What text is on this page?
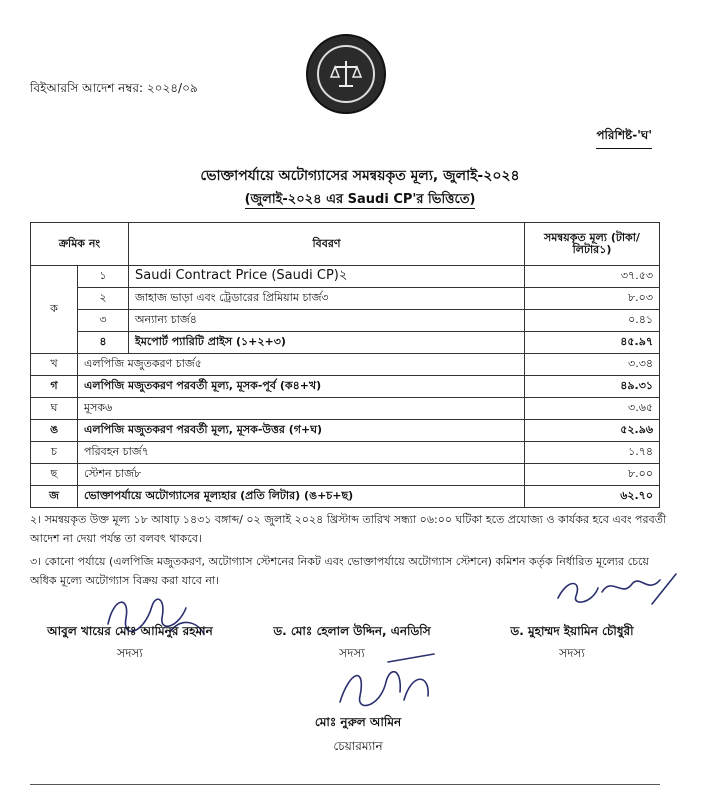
বিইআরসি আদেশ নম্বর: ২০২৪/০৯
পরিশিষ্ট-'ঘ'
ভোক্তাপর্যায়ে অটোগ্যাসের সমন্বয়কৃত মূল্য, জুলাই-২০২৪
(জুলাই-২০২৪ এর Saudi CP'র ভিত্তিতে)
ক্রমিক নং		বিবরণ	সমন্বয়কৃত মূল্য (টাকা/লিটার১)
ক	১	Saudi Contract Price (Saudi CP)২	৩৭.৫৩
	২	জাহাজ ভাড়া এবং ট্রেডারের প্রিমিয়াম চার্জ৩	৮.০৩
	৩	অন্যান্য চার্জ৪	০.৪১
	৪	ইমপোর্ট প্যারিটি প্রাইস (১+২+৩)	৪৫.৯৭
খ	এলপিজি মজুতকরণ চার্জ৫		৩.৩৪
গ	এলপিজি মজুতকরণ পরবর্তী মূল্য, মূসক-পূর্ব (ক৪+খ)		৪৯.৩১
ঘ	মূসক৬		৩.৬৫
ঙ	এলপিজি মজুতকরণ পরবর্তী মূল্য, মূসক-উত্তর (গ+ঘ)		৫২.৯৬
চ	পরিবহন চার্জ৭		১.৭৪
ছ	স্টেশন চার্জ৮		৮.০০
জ	ভোক্তাপর্যায়ে অটোগ্যাসের মূল্যহার (প্রতি লিটার) (ঙ+চ+ছ)		৬২.৭০
২। সমন্বয়কৃত উক্ত মূল্য ১৮ আষাঢ় ১৪৩১ বঙ্গাব্দ/ ০২ জুলাই ২০২৪ খ্রিস্টাব্দ তারিখ সন্ধ্যা ০৬:০০ ঘটিকা হতে প্রযোজ্য ও কার্যকর হবে এবং পরবর্তী আদেশ না দেয়া পর্যন্ত তা বলবৎ থাকবে।
৩। কোনো পর্যায়ে (এলপিজি মজুতকরণ, অটোগ্যাস স্টেশনের নিকট এবং ভোক্তাপর্যায়ে অটোগ্যাস স্টেশনে) কমিশন কর্তৃক নির্ধারিত মূল্যের চেয়ে অধিক মূল্যে অটোগ্যাস বিক্রয় করা যাবে না।
আবুল খায়ের মোঃ আমিনুর রহমান
সদস্য
ড. মোঃ হেলাল উদ্দিন, এনডিসি
সদস্য
ড. মুহাম্মদ ইয়ামিন চৌধুরী
সদস্য
মোঃ নুরুল আমিন
চেয়ারম্যান
